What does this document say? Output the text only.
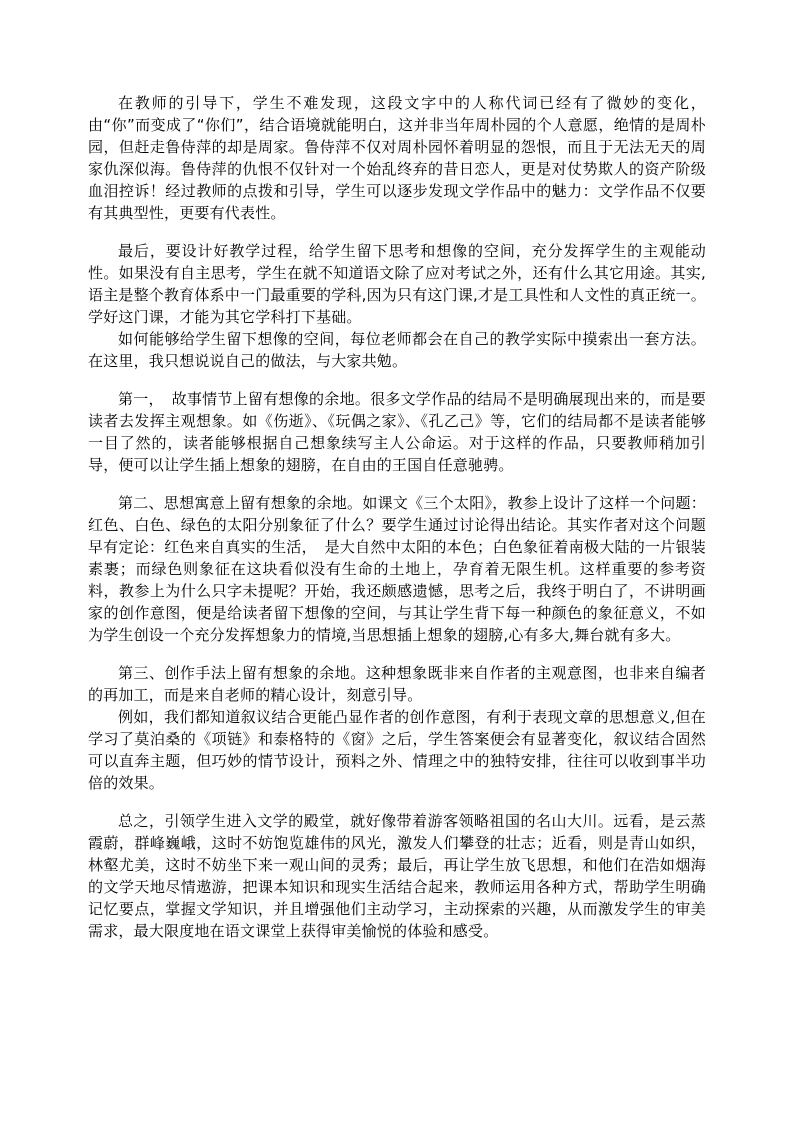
在教师的引导下，学生不难发现，这段文字中的人称代词已经有了微妙的变化，由“你”而变成了“你们”，结合语境就能明白，这并非当年周朴园的个人意愿，绝情的是周朴园，但赶走鲁侍萍的却是周家。鲁侍萍不仅对周朴园怀着明显的怨恨，而且于无法无天的周家仇深似海。鲁侍萍的仇恨不仅针对一个始乱终弃的昔日恋人，更是对仗势欺人的资产阶级血泪控诉！经过教师的点拨和引导，学生可以逐步发现文学作品中的魅力：文学作品不仅要有其典型性，更要有代表性。

最后，要设计好教学过程，给学生留下思考和想像的空间，充分发挥学生的主观能动性。如果没有自主思考，学生在就不知道语文除了应对考试之外，还有什么其它用途。其实,语主是整个教育体系中一门最重要的学科,因为只有这门课,才是工具性和人文性的真正统一。学好这门课，才能为其它学科打下基础。

如何能够给学生留下想像的空间，每位老师都会在自己的教学实际中摸索出一套方法。在这里，我只想说说自己的做法，与大家共勉。

第一，　故事情节上留有想像的余地。很多文学作品的结局不是明确展现出来的，而是要读者去发挥主观想象。如《伤逝》、《玩偶之家》、《孔乙己》等，它们的结局都不是读者能够一目了然的，读者能够根据自己想象续写主人公命运。对于这样的作品，只要教师稍加引导，便可以让学生插上想象的翅膀，在自由的王国自任意驰骋。

第二、思想寓意上留有想象的余地。如课文《三个太阳》，教参上设计了这样一个问题：红色、白色、绿色的太阳分别象征了什么？要学生通过讨论得出结论。其实作者对这个问题早有定论：红色来自真实的生活，　是大自然中太阳的本色；白色象征着南极大陆的一片银装素裹；而绿色则象征在这块看似没有生命的土地上，孕育着无限生机。这样重要的参考资料，教参上为什么只字未提呢？开始，我还颇感遗憾，思考之后，我终于明白了，不讲明画家的创作意图，便是给读者留下想像的空间，与其让学生背下每一种颜色的象征意义，不如为学生创设一个充分发挥想象力的情境,当思想插上想象的翅膀,心有多大,舞台就有多大。

第三、创作手法上留有想象的余地。这种想象既非来自作者的主观意图，也非来自编者的再加工，而是来自老师的精心设计，刻意引导。

例如，我们都知道叙议结合更能凸显作者的创作意图，有利于表现文章的思想意义,但在学习了莫泊桑的《项链》和泰格特的《窗》之后，学生答案便会有显著变化，叙议结合固然可以直奔主题，但巧妙的情节设计，预料之外、情理之中的独特安排，往往可以收到事半功倍的效果。

总之，引领学生进入文学的殿堂，就好像带着游客领略祖国的名山大川。远看，是云蒸霞蔚，群峰巍峨，这时不妨饱览雄伟的风光，激发人们攀登的壮志；近看，则是青山如织，林壑尤美，这时不妨坐下来一观山间的灵秀；最后，再让学生放飞思想，和他们在浩如烟海的文学天地尽情遨游，把课本知识和现实生活结合起来，教师运用各种方式，帮助学生明确记忆要点，掌握文学知识，并且增强他们主动学习，主动探索的兴趣，从而激发学生的审美需求，最大限度地在语文课堂上获得审美愉悦的体验和感受。
